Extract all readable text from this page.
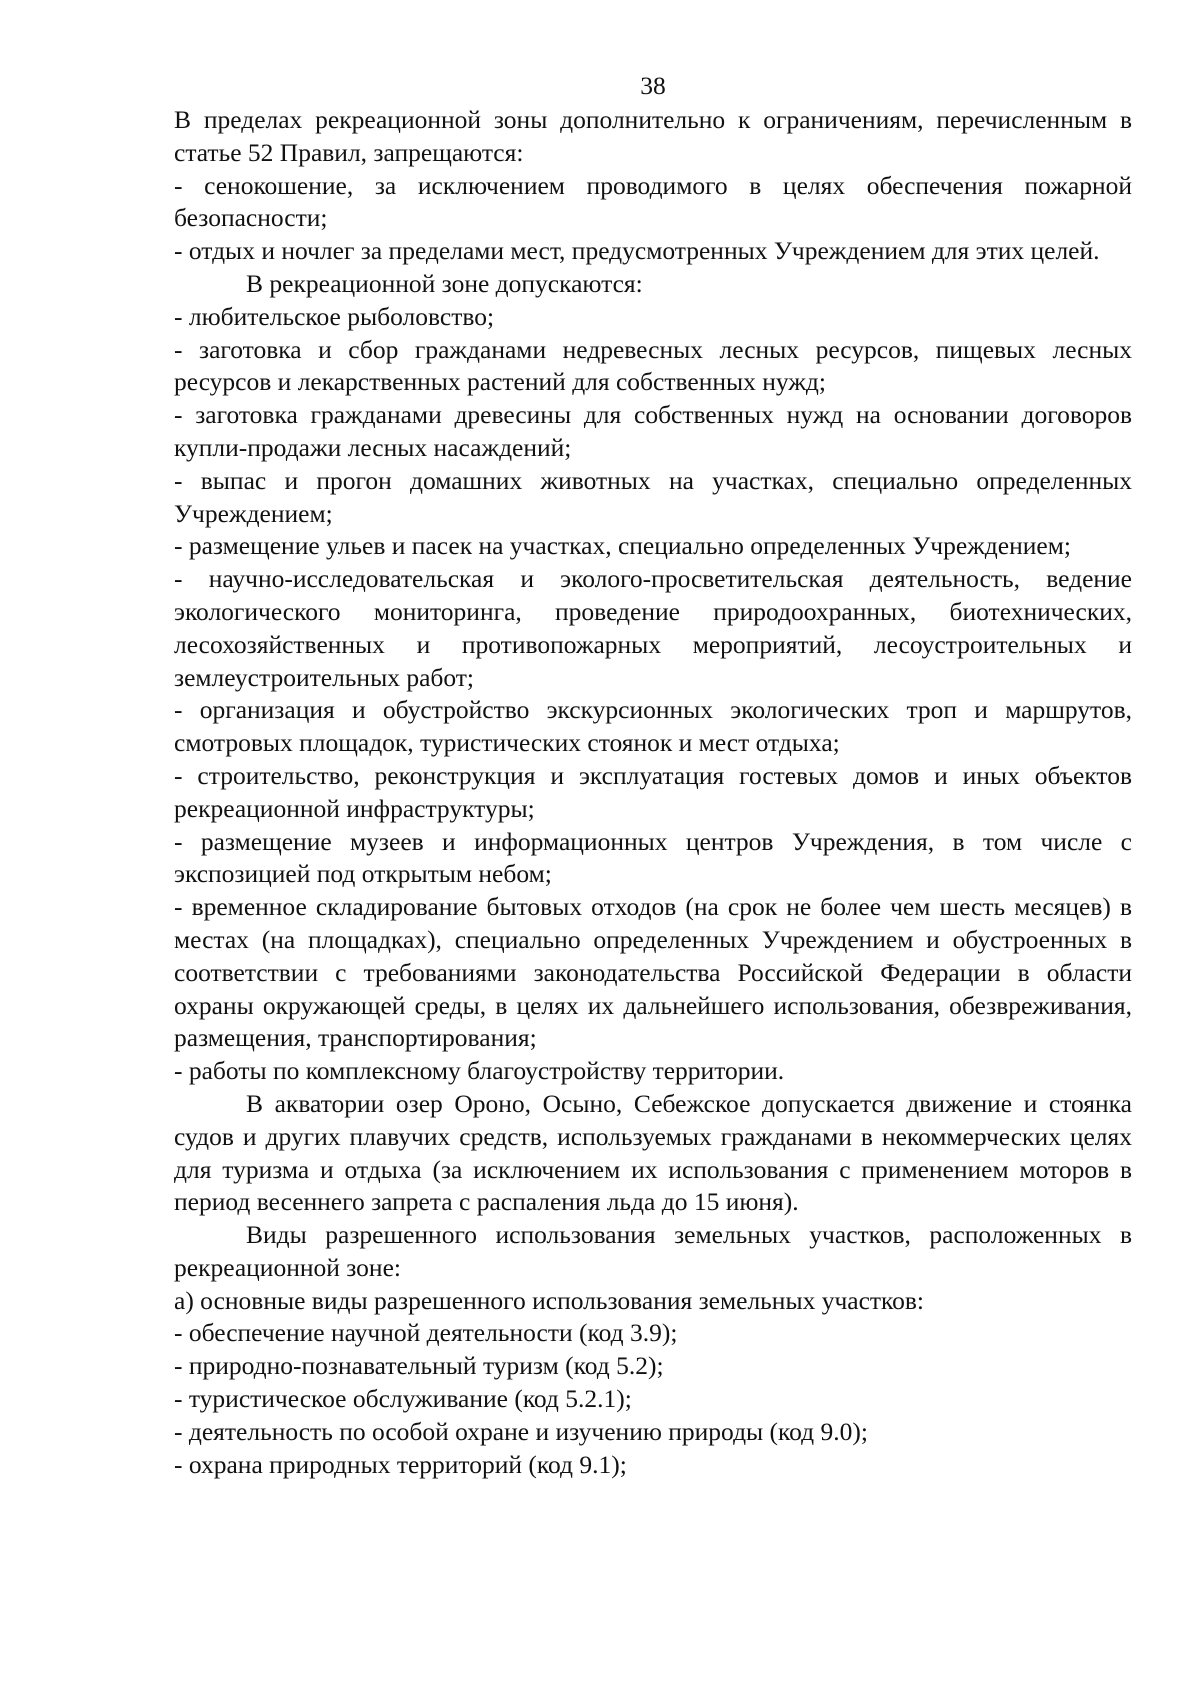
38

В пределах рекреационной зоны дополнительно к ограничениям, перечисленным в статье 52 Правил, запрещаются:

- сенокошение, за исключением проводимого в целях обеспечения пожарной безопасности;

- отдых и ночлег за пределами мест, предусмотренных Учреждением для этих целей.

В рекреационной зоне допускаются:

- любительское рыболовство;

- заготовка и сбор гражданами недревесных лесных ресурсов, пищевых лесных ресурсов и лекарственных растений для собственных нужд;

- заготовка гражданами древесины для собственных нужд на основании договоров купли-продажи лесных насаждений;

- выпас и прогон домашних животных на участках, специально определенных Учреждением;

- размещение ульев и пасек на участках, специально определенных Учреждением;

- научно-исследовательская и эколого-просветительская деятельность, ведение экологического мониторинга, проведение природоохранных, биотехнических, лесохозяйственных и противопожарных мероприятий, лесоустроительных и землеустроительных работ;

- организация и обустройство экскурсионных экологических троп и маршрутов, смотровых площадок, туристических стоянок и мест отдыха;

- строительство, реконструкция и эксплуатация гостевых домов и иных объектов рекреационной инфраструктуры;

- размещение музеев и информационных центров Учреждения, в том числе с экспозицией под открытым небом;

- временное складирование бытовых отходов (на срок не более чем шесть месяцев) в местах (на площадках), специально определенных Учреждением и обустроенных в соответствии с требованиями законодательства Российской Федерации в области охраны окружающей среды, в целях их дальнейшего использования, обезвреживания, размещения, транспортирования;

- работы по комплексному благоустройству территории.

В акватории озер Ороно, Осыно, Себежское допускается движение и стоянка судов и других плавучих средств, используемых гражданами в некоммерческих целях для туризма и отдыха (за исключением их использования с применением моторов в период весеннего запрета с распаления льда до 15 июня).

Виды разрешенного использования земельных участков, расположенных в рекреационной зоне:

а) основные виды разрешенного использования земельных участков:

- обеспечение научной деятельности (код 3.9);

- природно-познавательный туризм (код 5.2);

- туристическое обслуживание (код 5.2.1);

- деятельность по особой охране и изучению природы (код 9.0);

- охрана природных территорий (код 9.1);
